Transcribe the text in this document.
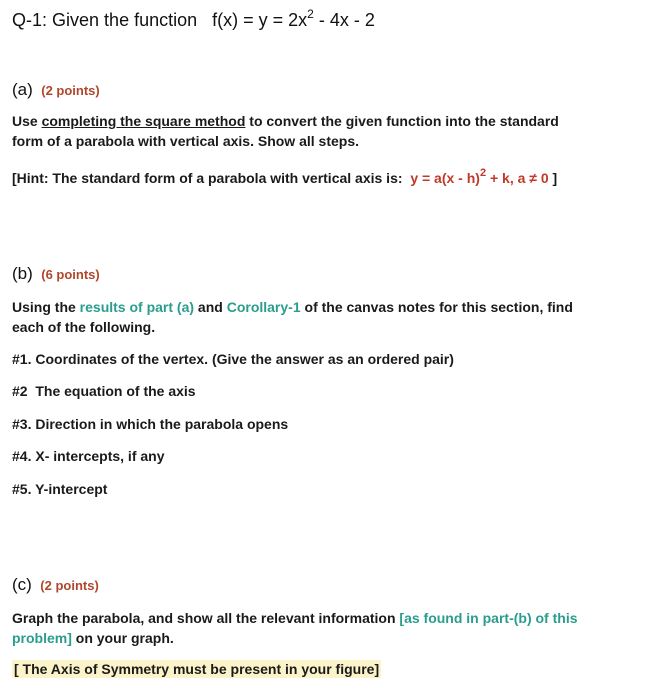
Q-1: Given the function $f(x) = y = 2x^2 - 4x - 2$
(a) (2 points)
Use completing the square method to convert the given function into the standard
form of a parabola with vertical axis. Show all steps.
[Hint: The standard form of a parabola with vertical axis is: y = a(x - h)$^2$ + k, a ≠ 0 ]
(b) (6 points)
Using the results of part (a) and Corollary-1 of the canvas notes for this section, find
each of the following.
#1. Coordinates of the vertex. (Give the answer as an ordered pair)
#2  The equation of the axis
#3. Direction in which the parabola opens
#4. X- intercepts, if any
#5. Y-intercept
(c) (2 points)
Graph the parabola, and show all the relevant information [as found in part-(b) of this
problem] on your graph.
[ The Axis of Symmetry must be present in your figure]
